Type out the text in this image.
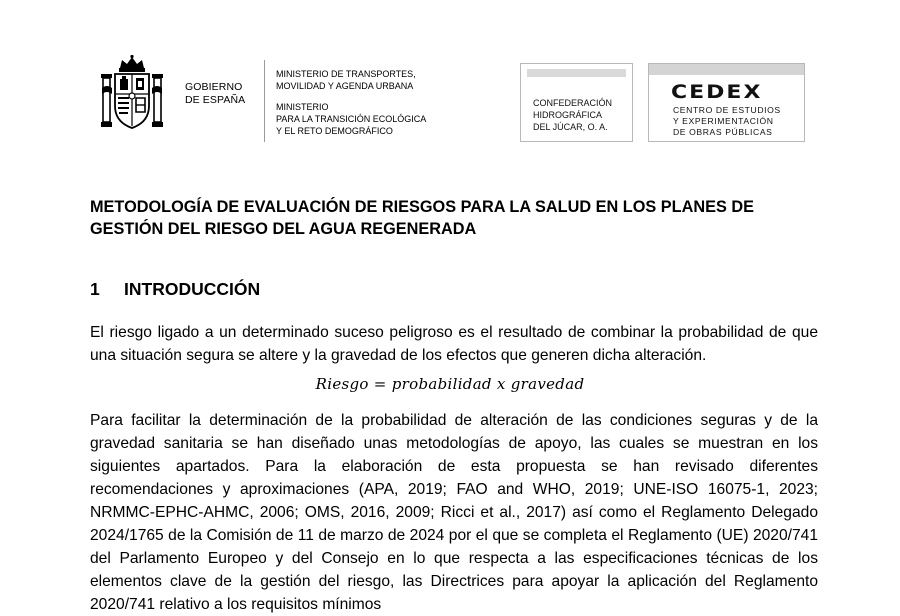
GOBIERNO
DE ESPAÑA
MINISTERIO DE TRANSPORTES,
MOVILIDAD Y AGENDA URBANA
MINISTERIO
PARA LA TRANSICIÓN ECOLÓGICA
Y EL RETO DEMOGRÁFICO
CONFEDERACIÓN
HIDROGRÁFICA
DEL JÚCAR, O. A.
CEDEX
CENTRO DE ESTUDIOS
Y EXPERIMENTACIÓN
DE OBRAS PÚBLICAS
METODOLOGÍA DE EVALUACIÓN DE RIESGOS PARA LA SALUD EN LOS PLANES DE GESTIÓN DEL RIESGO DEL AGUA REGENERADA
1 INTRODUCCIÓN
El riesgo ligado a un determinado suceso peligroso es el resultado de combinar la probabilidad de que una situación segura se altere y la gravedad de los efectos que generen dicha alteración.
Riesgo = probabilidad x gravedad
Para facilitar la determinación de la probabilidad de alteración de las condiciones seguras y de la gravedad sanitaria se han diseñado unas metodologías de apoyo, las cuales se muestran en los siguientes apartados. Para la elaboración de esta propuesta se han revisado diferentes recomendaciones y aproximaciones (APA, 2019; FAO and WHO, 2019; UNE-ISO 16075-1, 2023; NRMMC-EPHC-AHMC, 2006; OMS, 2016, 2009; Ricci et al., 2017) así como el Reglamento Delegado 2024/1765 de la Comisión de 11 de marzo de 2024 por el que se completa el Reglamento (UE) 2020/741 del Parlamento Europeo y del Consejo en lo que respecta a las especificaciones técnicas de los elementos clave de la gestión del riesgo, las Directrices para apoyar la aplicación del Reglamento 2020/741 relativo a los requisitos mínimos
